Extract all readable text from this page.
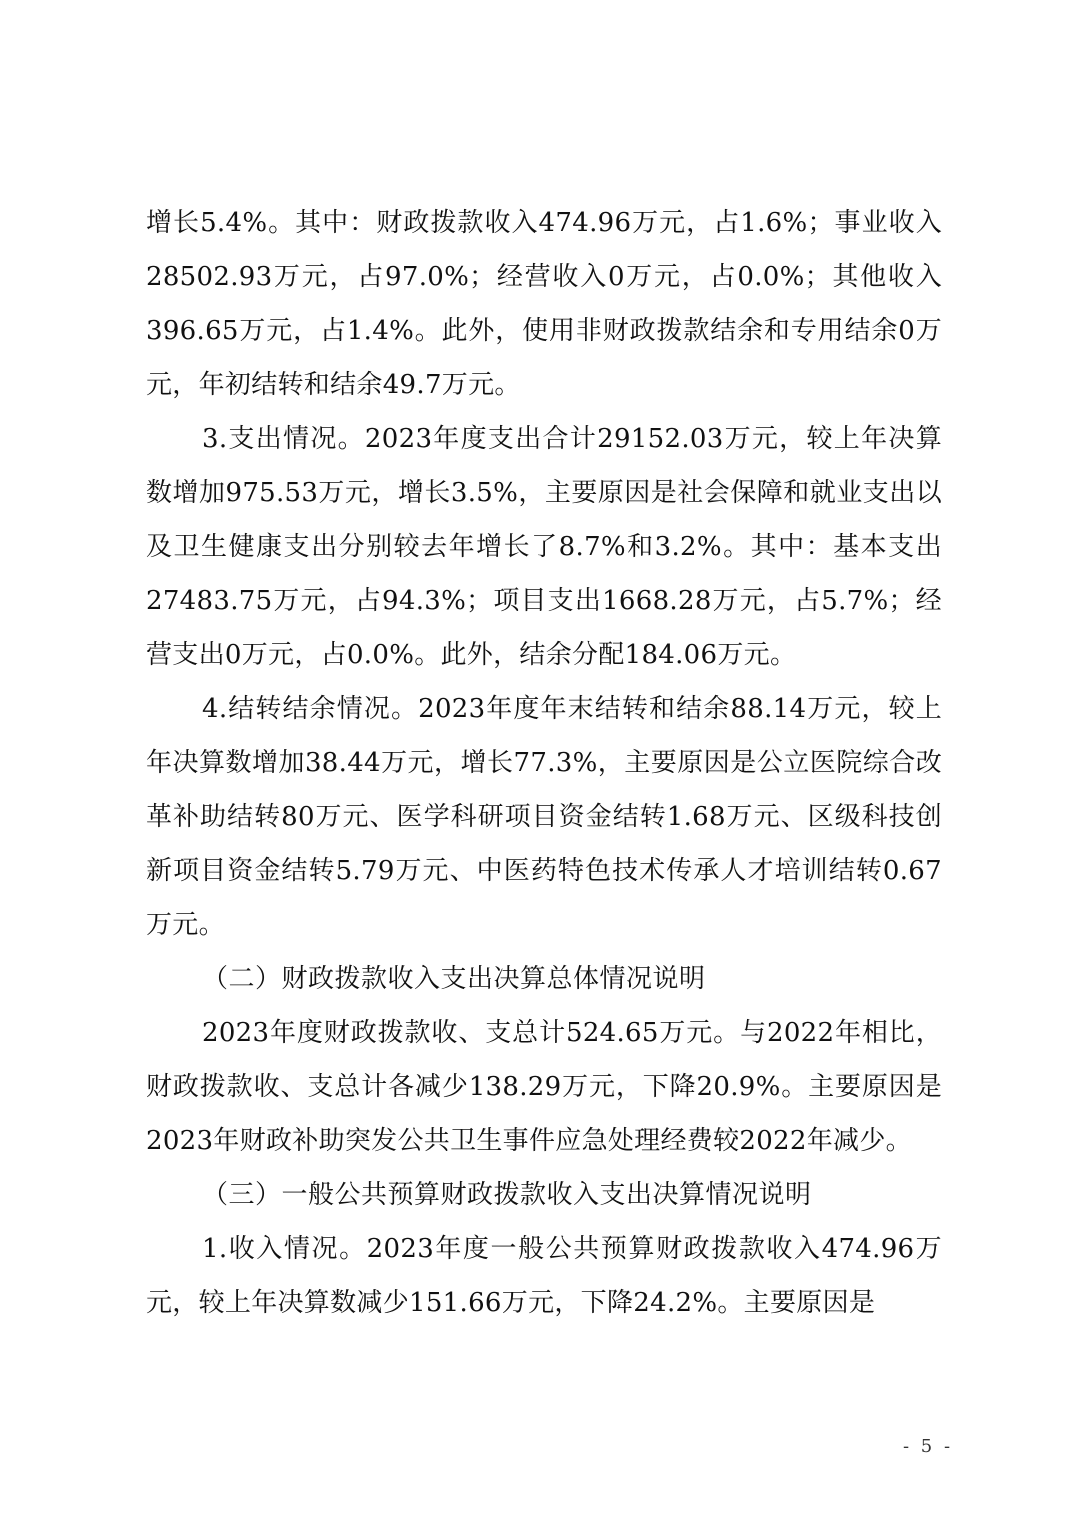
增长5.4%。其中：财政拨款收入474.96万元，占1.6%；事业收入28502.93万元，占97.0%；经营收入0万元，占0.0%；其他收入396.65万元，占1.4%。此外，使用非财政拨款结余和专用结余0万元，年初结转和结余49.7万元。

3.支出情况。2023年度支出合计29152.03万元，较上年决算数增加975.53万元，增长3.5%，主要原因是社会保障和就业支出以及卫生健康支出分别较去年增长了8.7%和3.2%。其中：基本支出27483.75万元，占94.3%；项目支出1668.28万元，占5.7%；经营支出0万元，占0.0%。此外，结余分配184.06万元。

4.结转结余情况。2023年度年末结转和结余88.14万元，较上年决算数增加38.44万元，增长77.3%，主要原因是公立医院综合改革补助结转80万元、医学科研项目资金结转1.68万元、区级科技创新项目资金结转5.79万元、中医药特色技术传承人才培训结转0.67万元。

（二）财政拨款收入支出决算总体情况说明

2023年度财政拨款收、支总计524.65万元。与2022年相比，财政拨款收、支总计各减少138.29万元，下降20.9%。主要原因是2023年财政补助突发公共卫生事件应急处理经费较2022年减少。

（三）一般公共预算财政拨款收入支出决算情况说明

1.收入情况。2023年度一般公共预算财政拨款收入474.96万元，较上年决算数减少151.66万元，下降24.2%。主要原因是

- 5 -
